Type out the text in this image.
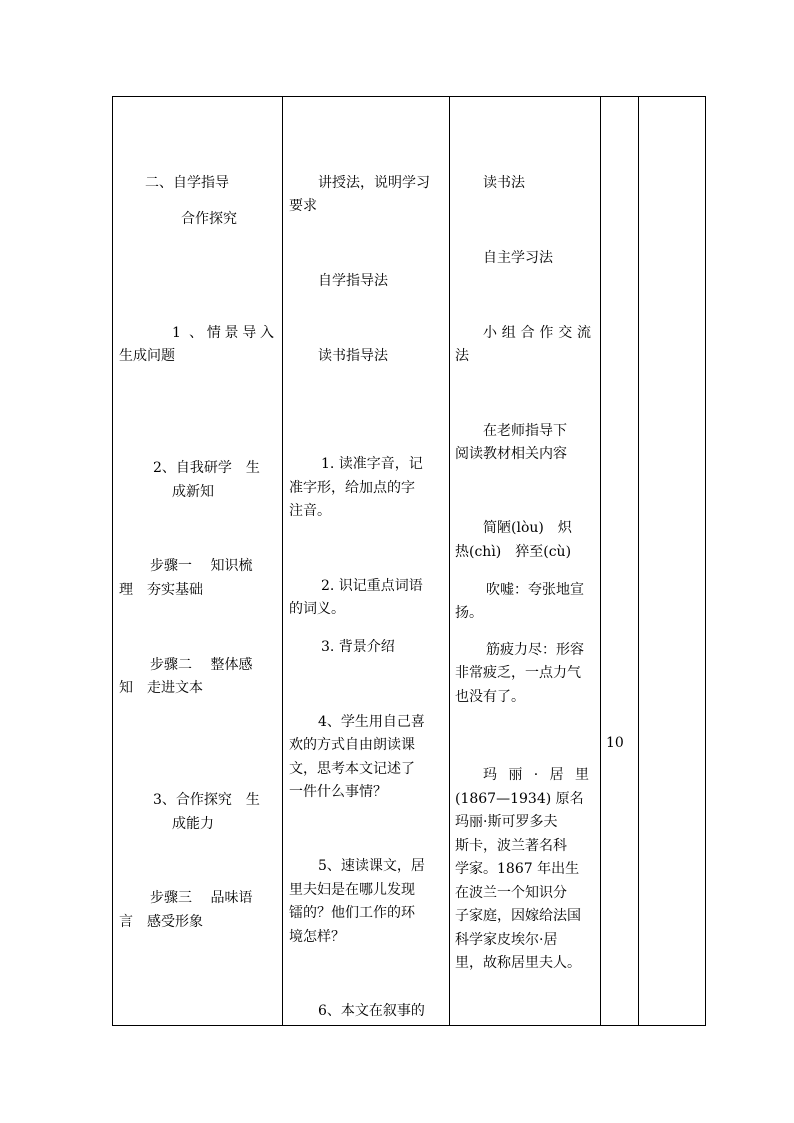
二、自学指导
合作探究
1 、情景导入
生成问题
2、自我研学　生
成新知
步骤一　 知识梳
理　夯实基础
步骤二　 整体感
知　走进文本
3、合作探究　生
成能力
步骤三　 品味语
言　感受形象
讲授法，说明学习
要求
自学指导法
读书指导法
1. 读准字音，记
准字形，给加点的字
注音。
2. 识记重点词语
的词义。
3. 背景介绍
4、学生用自己喜
欢的方式自由朗读课
文，思考本文记述了
一件什么事情？
5、速读课文，居
里夫妇是在哪儿发现
镭的？他们工作的环
境怎样？
6、本文在叙事的
读书法
自主学习法
小组合作交流
法
在老师指导下
阅读教材相关内容
简陋(lòu)　炽
热(chì)　猝至(cù)
吹嘘：夸张地宣
扬。
筋疲力尽：形容
非常疲乏，一点力气
也没有了。
玛丽·居里
(1867—1934) 原名
玛丽·斯可罗多夫
斯卡，波兰著名科
学家。1867 年出生
在波兰一个知识分
子家庭，因嫁给法国
科学家皮埃尔·居
里，故称居里夫人。
10
